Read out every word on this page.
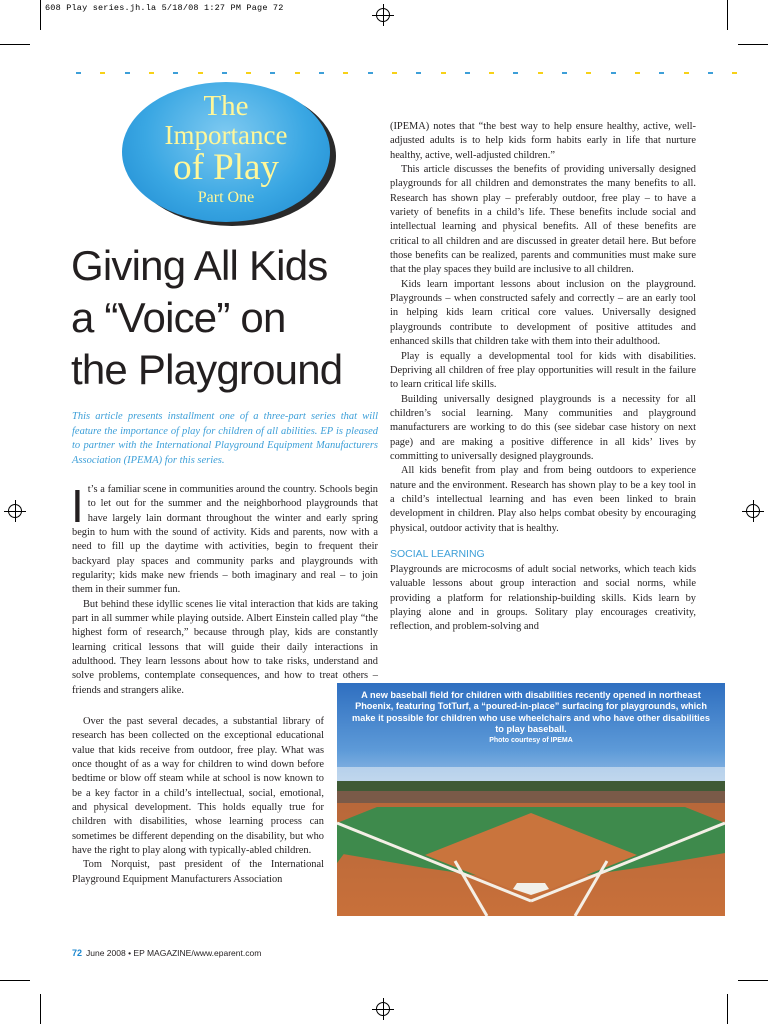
608 Play series.jh.la 5/18/08 1:27 PM Page 72
The
Importance
of Play
Part One
Giving All Kids
a “Voice” on
the Playground
This article presents installment one of a three-part series that will feature the importance of play for children of all abilities. EP is pleased to partner with the International Playground Equipment Manufacturers Association (IPEMA) for this series.
It’s a familiar scene in communities around the country. Schools begin to let out for the summer and the neighborhood playgrounds that have largely lain dormant throughout the winter and early spring begin to hum with the sound of activity. Kids and parents, now with a need to fill up the daytime with activities, begin to frequent their backyard play spaces and community parks and playgrounds with regularity; kids make new friends – both imaginary and real – to join them in their summer fun.
But behind these idyllic scenes lie vital interaction that kids are taking part in all summer while playing outside. Albert Einstein called play “the highest form of research,” because through play, kids are constantly learning critical lessons that will guide their daily interactions in adulthood. They learn lessons about how to take risks, understand and solve problems, contemplate consequences, and how to treat others – friends and strangers alike.
Over the past several decades, a substantial library of research has been collected on the exceptional educational value that kids receive from outdoor, free play. What was once thought of as a way for children to wind down before bedtime or blow off steam while at school is now known to be a key factor in a child’s intellectual, social, emotional, and physical development. This holds equally true for children with disabilities, whose learning process can sometimes be different depending on the disability, but who have the right to play along with typically-abled children.
Tom Norquist, past president of the International Playground Equipment Manufacturers Association
(IPEMA) notes that “the best way to help ensure healthy, active, well-adjusted adults is to help kids form habits early in life that nurture healthy, active, well-adjusted children.”
This article discusses the benefits of providing universally designed playgrounds for all children and demonstrates the many benefits to all. Research has shown play – preferably outdoor, free play – to have a variety of benefits in a child’s life. These benefits include social and intellectual learning and physical benefits. All of these benefits are critical to all children and are discussed in greater detail here. But before those benefits can be realized, parents and communities must make sure that the play spaces they build are inclusive to all children.
Kids learn important lessons about inclusion on the playground. Playgrounds – when constructed safely and correctly – are an early tool in helping kids learn critical core values. Universally designed playgrounds contribute to development of positive attitudes and enhanced skills that children take with them into their adulthood.
Play is equally a developmental tool for kids with disabilities. Depriving all children of free play opportunities will result in the failure to learn critical life skills.
Building universally designed playgrounds is a necessity for all children’s social learning. Many communities and playground manufacturers are working to do this (see sidebar case history on next page) and are making a positive difference in all kids’ lives by committing to universally designed playgrounds.
All kids benefit from play and from being outdoors to experience nature and the environment. Research has shown play to be a key tool in a child’s intellectual learning and has even been linked to brain development in children. Play also helps combat obesity by encouraging physical, outdoor activity that is healthy.
SOCIAL LEARNING
Playgrounds are microcosms of adult social networks, which teach kids valuable lessons about group interaction and social norms, while providing a platform for relationship-building skills. Kids learn by playing alone and in groups. Solitary play encourages creativity, reflection, and problem-solving and
A new baseball field for children with disabilities recently opened in northeast Phoenix, featuring TotTurf, a “poured-in-place” surfacing for playgrounds, which make it possible for children who use wheelchairs and who have other disabilities to play baseball.
Photo courtesy of IPEMA
72 June 2008 • EP MAGAZINE/www.eparent.com
